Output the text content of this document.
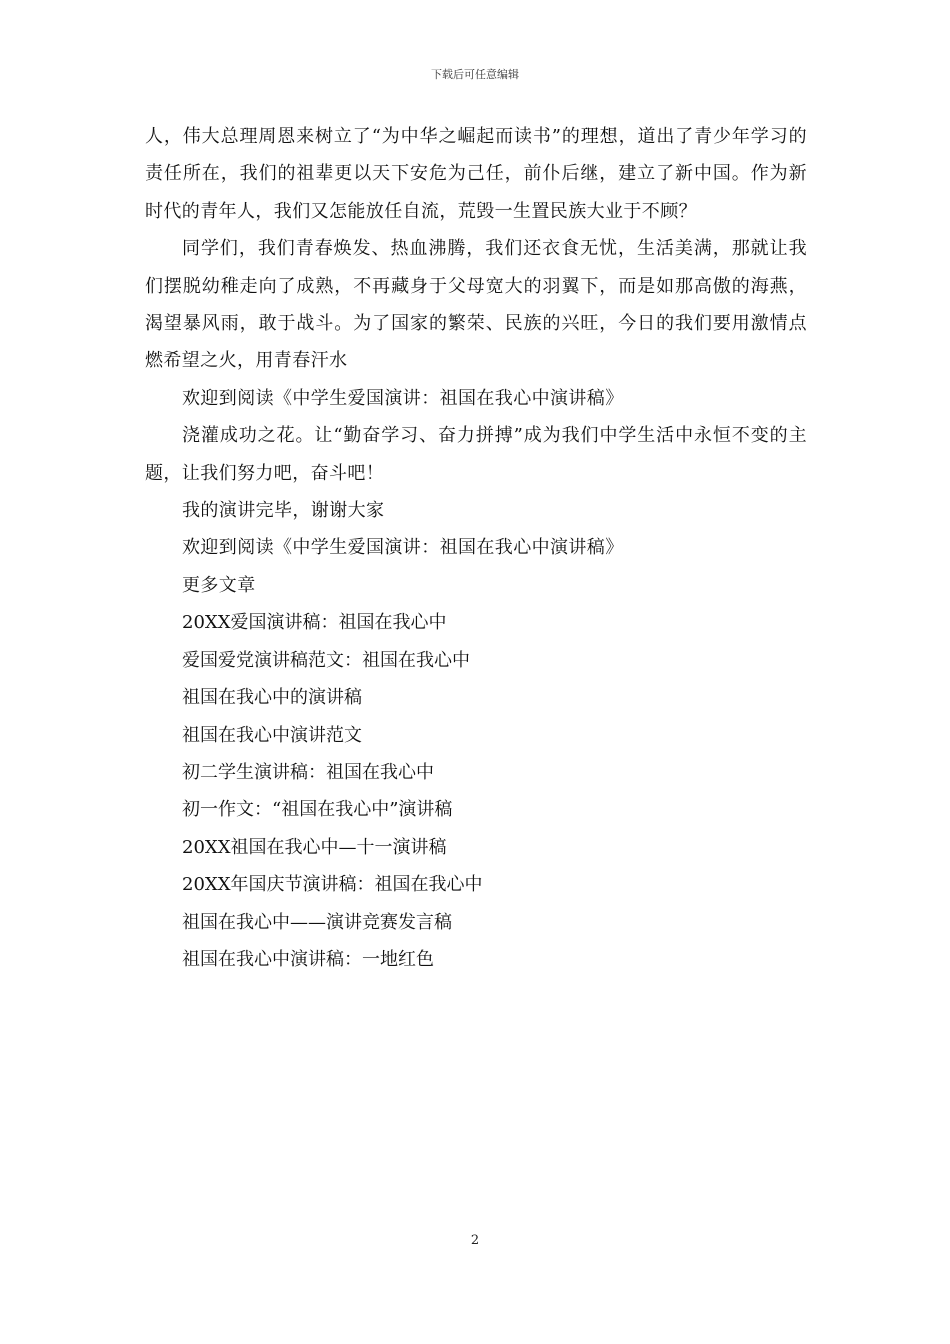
下载后可任意编辑

人，伟大总理周恩来树立了“为中华之崛起而读书”的理想，道出了青少年学习的责任所在，我们的祖辈更以天下安危为己任，前仆后继，建立了新中国。作为新时代的青年人，我们又怎能放任自流，荒毁一生置民族大业于不顾？

同学们，我们青春焕发、热血沸腾，我们还衣食无忧，生活美满，那就让我们摆脱幼稚走向了成熟，不再藏身于父母宽大的羽翼下，而是如那高傲的海燕，渴望暴风雨，敢于战斗。为了国家的繁荣、民族的兴旺，今日的我们要用激情点燃希望之火，用青春汗水

欢迎到阅读《中学生爱国演讲：祖国在我心中演讲稿》

浇灌成功之花。让“勤奋学习、奋力拼搏”成为我们中学生活中永恒不变的主题，让我们努力吧，奋斗吧！

我的演讲完毕，谢谢大家

欢迎到阅读《中学生爱国演讲：祖国在我心中演讲稿》

更多文章

20XX爱国演讲稿：祖国在我心中

爱国爱党演讲稿范文：祖国在我心中

祖国在我心中的演讲稿

祖国在我心中演讲范文

初二学生演讲稿：祖国在我心中

初一作文：“祖国在我心中”演讲稿

20XX祖国在我心中—十一演讲稿

20XX年国庆节演讲稿：祖国在我心中

祖国在我心中——演讲竞赛发言稿

祖国在我心中演讲稿：一地红色

2
